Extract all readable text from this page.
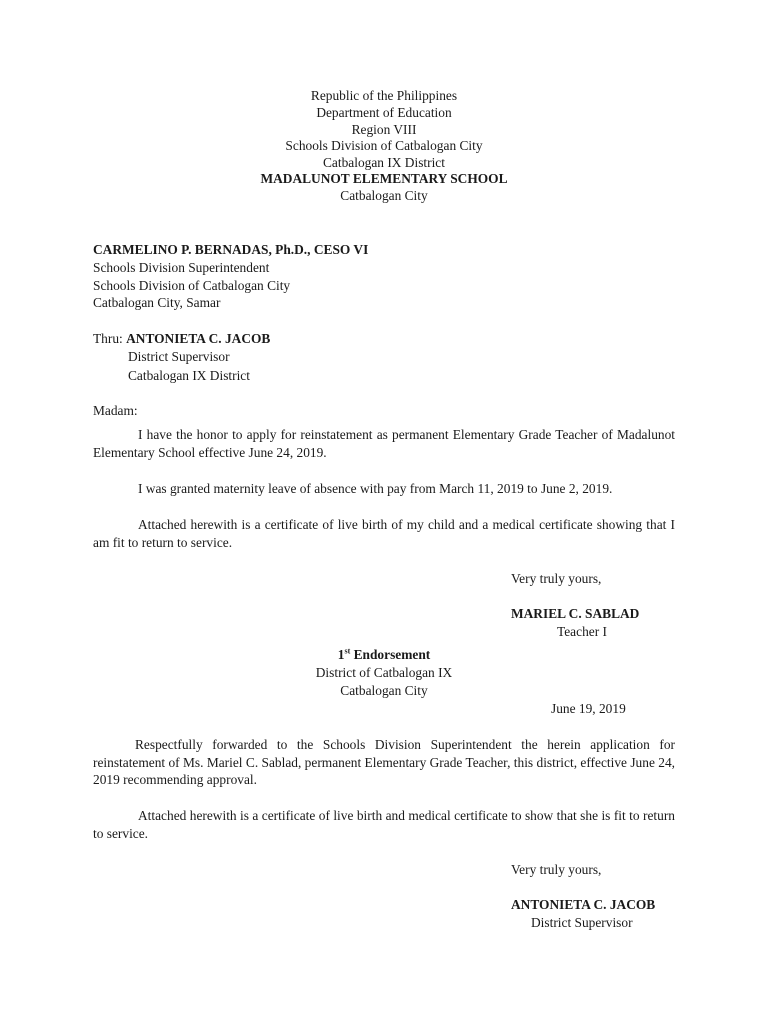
Republic of the Philippines
Department of Education
Region VIII
Schools Division of Catbalogan City
Catbalogan IX District
MADALUNOT ELEMENTARY SCHOOL
Catbalogan City
CARMELINO P. BERNADAS, Ph.D., CESO VI
Schools Division Superintendent
Schools Division of Catbalogan City
Catbalogan City, Samar
Thru: ANTONIETA C. JACOB
District Supervisor
Catbalogan IX District
Madam:
I have the honor to apply for reinstatement as permanent Elementary Grade Teacher of Madalunot Elementary School effective June 24, 2019.
I was granted maternity leave of absence with pay from March 11, 2019 to June 2, 2019.
Attached herewith is a certificate of live birth of my child and a medical certificate showing that I am fit to return to service.
Very truly yours,
MARIEL C. SABLAD
Teacher I
1st Endorsement
District of Catbalogan IX
Catbalogan City
June 19, 2019
Respectfully forwarded to the Schools Division Superintendent the herein application for reinstatement of Ms. Mariel C. Sablad, permanent Elementary Grade Teacher, this district, effective June 24, 2019 recommending approval.
Attached herewith is a certificate of live birth and medical certificate to show that she is fit to return to service.
Very truly yours,
ANTONIETA C. JACOB
District Supervisor
